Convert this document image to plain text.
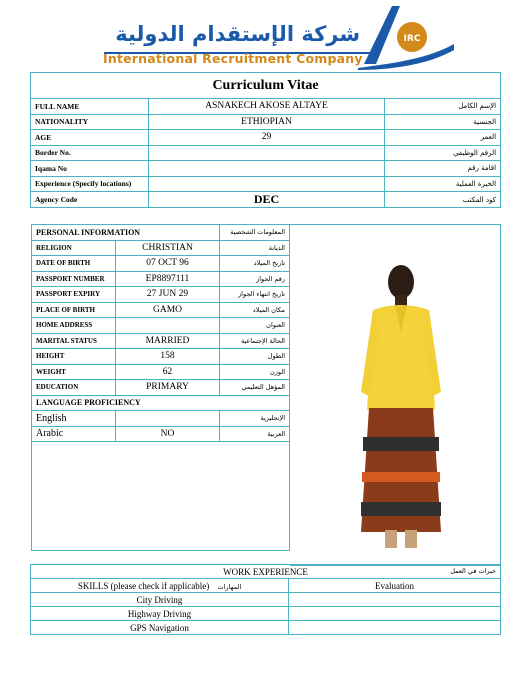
شركة الإستقدام الدولية
International Recruitment Company
IRC
Curriculum Vitae		
FULL NAME	ASNAKECH AKOSE ALTAYE	الإسم الكامل
NATIONALITY	ETHIOPIAN	الجنسية
AGE	29	العمر
Border No.		الرقم الوظيفي
Iqama No		اقامة رقم
Experience (Specify locations)		الخبرة العملية
Agency Code	DEC	كود المكتب
PERSONAL INFORMATION		المعلومات الشخصية
RELIGION	CHRISTIAN	الديانة
DATE OF BIRTH	07 OCT 96	تاريخ الميلاد
PASSPORT NUMBER	EP8897111	رقم الجواز
PASSPORT EXPIRY	27 JUN 29	تاريخ انتهاء الجواز
PLACE OF BIRTH	GAMO	مكان الميلاد
HOME ADDRESS		العنوان
MARITAL STATUS	MARRIED	الحالة الإجتماعية
HEIGHT	158	الطول
WEIGHT	62	الوزن
EDUCATION	PRIMARY	المؤهل التعليمي
LANGUAGE PROFICIENCY		
English		الإنجليزية
Arabic	NO	العربية

WORK EXPERIENCE خبرات في العمل	

SKILLS (please check if applicable) المهارات	Evaluation
City Driving	
Highway Driving	
GPS Navigation	
